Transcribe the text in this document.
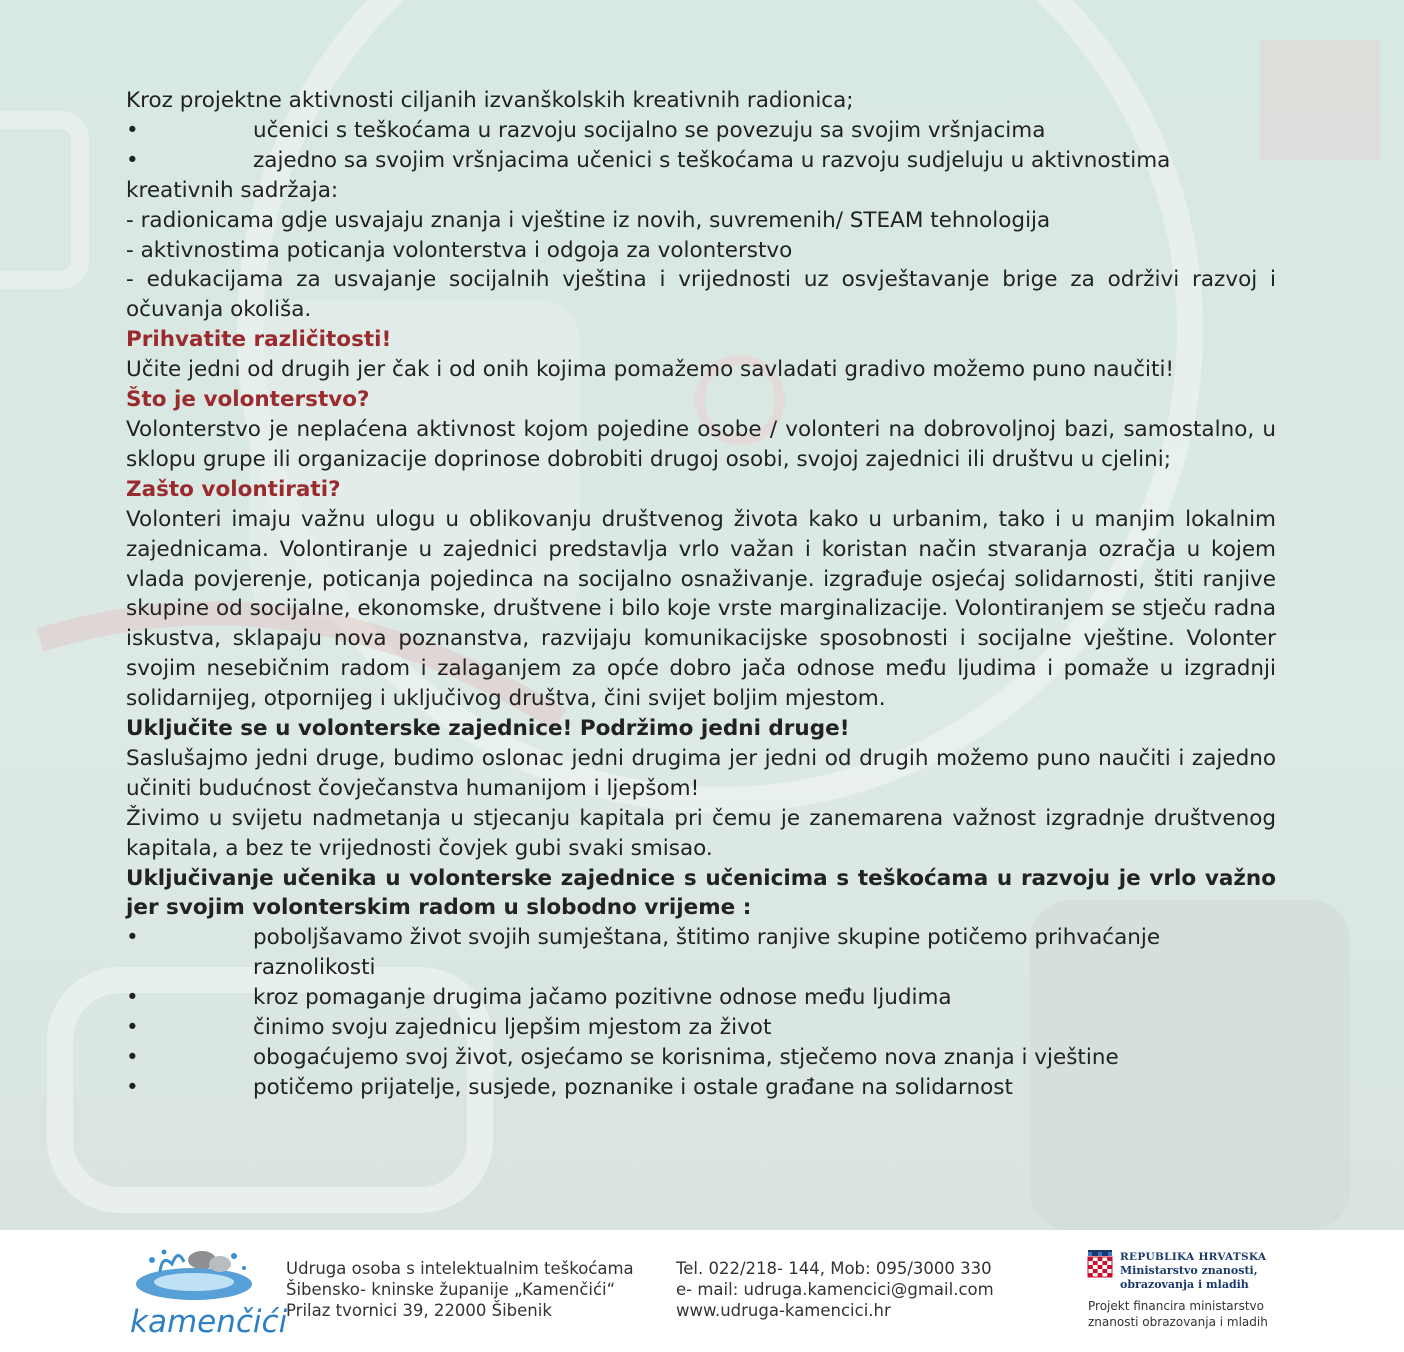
Kroz projektne aktivnosti ciljanih izvanškolskih kreativnih radionica;

•	učenici s teškoćama u razvoju socijalno se povezuju sa svojim vršnjacima
•	zajedno sa svojim vršnjacima učenici s teškoćama u razvoju sudjeluju u aktivnostima

kreativnih sadržaja:

- radionicama gdje usvajaju znanja i vještine iz novih, suvremenih/ STEAM tehnologija

- aktivnostima poticanja volonterstva i odgoja za volonterstvo

- edukacijama za usvajanje socijalnih vještina i vrijednosti uz osvještavanje brige za održivi razvoj i očuvanja okoliša.

Prihvatite različitosti!

Učite jedni od drugih jer čak i od onih kojima pomažemo savladati gradivo možemo puno naučiti!

Što je volonterstvo?

Volonterstvo je neplaćena aktivnost kojom pojedine osobe / volonteri na dobrovoljnoj bazi, samostalno, u sklopu grupe ili organizacije doprinose dobrobiti drugoj osobi, svojoj zajednici ili društvu u cjelini;

Zašto volontirati?

Volonteri imaju važnu ulogu u oblikovanju društvenog života kako u urbanim, tako i u manjim lokalnim zajednicama. Volontiranje u zajednici predstavlja vrlo važan i koristan način stvaranja ozračja u kojem vlada povjerenje, poticanja pojedinca na socijalno osnaživanje. izgrađuje osjećaj solidarnosti, štiti ranjive skupine od socijalne, ekonomske, društvene i bilo koje vrste marginalizacije. Volontiranjem se stječu radna iskustva, sklapaju nova poznanstva, razvijaju komunikacijske sposobnosti i socijalne vještine. Volonter svojim nesebičnim radom i zalaganjem za opće dobro jača odnose među ljudima i pomaže u izgradnji solidarnijeg, otpornijeg i uključivog društva, čini svijet boljim mjestom.

Uključite se u volonterske zajednice! Podržimo jedni druge!

Saslušajmo jedni druge, budimo oslonac jedni drugima jer jedni od drugih možemo puno naučiti i zajedno učiniti budućnost čovječanstva humanijom i ljepšom!

Živimo u svijetu nadmetanja u stjecanju kapitala pri čemu je zanemarena važnost izgradnje društvenog kapitala, a bez te vrijednosti čovjek gubi svaki smisao.

Uključivanje učenika u volonterske zajednice s učenicima s teškoćama u razvoju je vrlo važno jer svojim volonterskim radom u slobodno vrijeme :

•	poboljšavamo život svojih sumještana, štitimo ranjive skupine potičemo prihvaćanje raznolikosti
•	kroz pomaganje drugima jačamo pozitivne odnose među ljudima
•	činimo svoju zajednicu ljepšim mjestom za život
•	obogaćujemo svoj život, osjećamo se korisnima, stječemo nova znanja i vještine
•	potičemo prijatelje, susjede, poznanike i ostale građane na solidarnost
kamenčići

Udruga osoba s intelektualnim teškoćama

Šibensko- kninske županije „Kamenčići“

Prilaz tvornici 39, 22000 Šibenik

Tel. 022/218- 144, Mob: 095/3000 330

e- mail: udruga.kamencici@gmail.com

www.udruga-kamencici.hr

REPUBLIKA HRVATSKA
Ministarstvo znanosti,
obrazovanja i mladih
Projekt financira ministarstvo
znanosti obrazovanja i mladih
